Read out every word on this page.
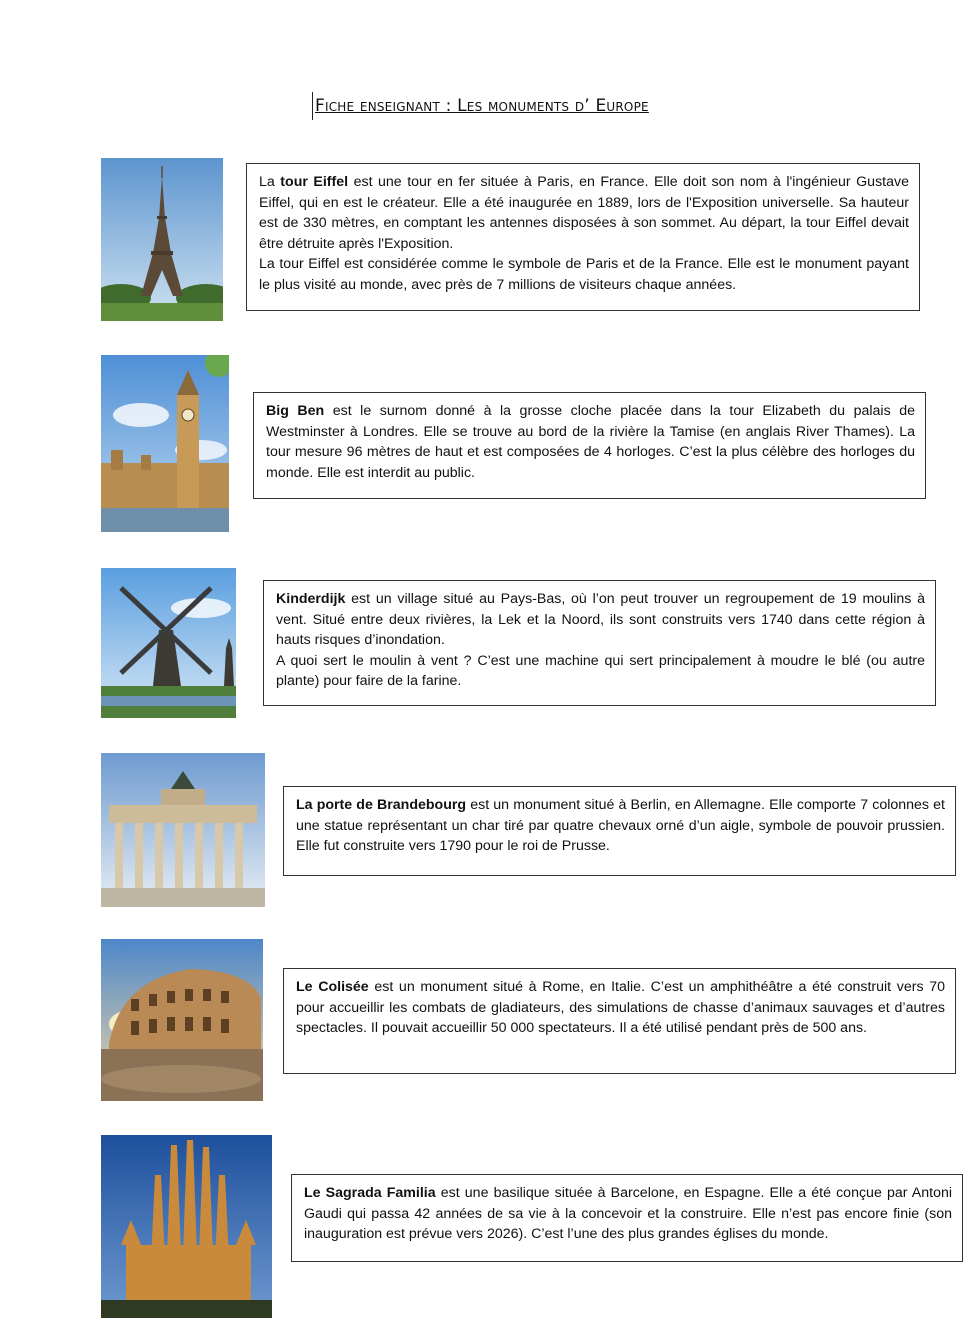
Fiche enseignant : Les monuments d’ Europe

La tour Eiffel est une tour en fer située à Paris, en France. Elle doit son nom à l'ingénieur Gustave Eiffel, qui en est le créateur. Elle a été inaugurée en 1889, lors de l'Exposition universelle. Sa hauteur est de 330 mètres, en comptant les antennes disposées à son sommet. Au départ, la tour Eiffel devait être détruite après l'Exposition.

La tour Eiffel est considérée comme le symbole de Paris et de la France. Elle est le monument payant le plus visité au monde, avec près de 7 millions de visiteurs chaque années.

Big Ben est le surnom donné à la grosse cloche placée dans la tour Elizabeth du palais de Westminster à Londres. Elle se trouve au bord de la rivière la Tamise (en anglais River Thames). La tour mesure 96 mètres de haut et est composées de 4 horloges. C’est la plus célèbre des horloges du monde. Elle est interdit au public.

Kinderdijk est un village situé au Pays-Bas, où l’on peut trouver un regroupement de 19 moulins à vent. Situé entre deux rivières, la Lek et la Noord, ils sont construits vers 1740 dans cette région à hauts risques d’inondation.

A quoi sert le moulin à vent ? C’est une machine qui sert principalement à moudre le blé (ou autre plante) pour faire de la farine.

La porte de Brandebourg est un monument situé à Berlin, en Allemagne. Elle comporte 7 colonnes et une statue représentant un char tiré par quatre chevaux orné d’un aigle, symbole de pouvoir prussien. Elle fut construite vers 1790 pour le roi de Prusse.

Le Colisée est un monument situé à Rome, en Italie. C’est un amphithéâtre a été construit vers 70 pour accueillir les combats de gladiateurs, des simulations de chasse d’animaux sauvages et d’autres spectacles. Il pouvait accueillir 50 000 spectateurs. Il a été utilisé pendant près de 500 ans.

Le Sagrada Familia est une basilique située à Barcelone, en Espagne. Elle a été conçue par Antoni Gaudi qui passa 42 années de sa vie à la concevoir et la construire. Elle n’est pas encore finie (son inauguration est prévue vers 2026). C’est l’une des plus grandes églises du monde.
